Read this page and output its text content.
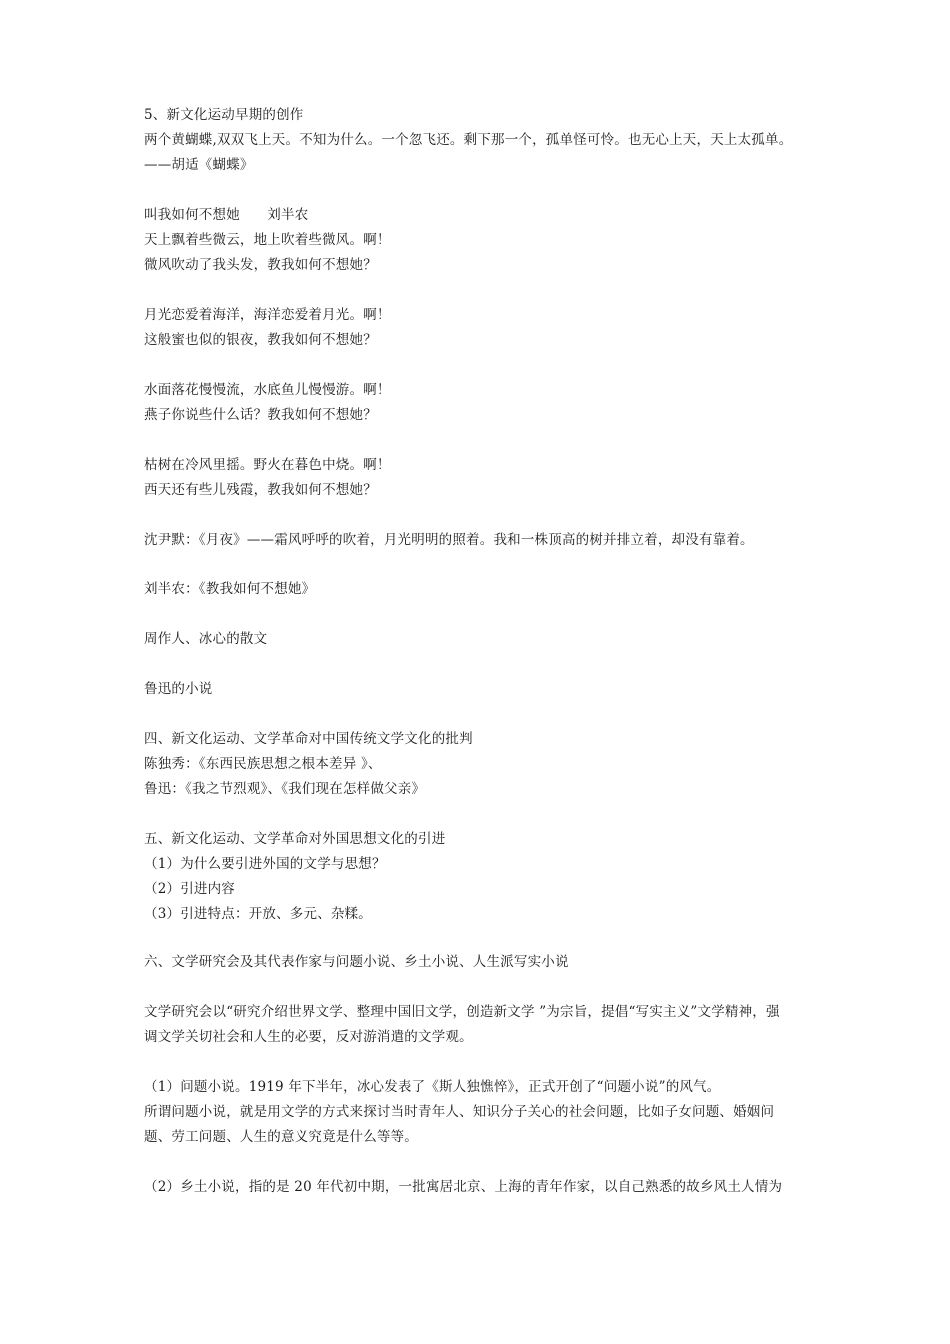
5、新文化运动早期的创作
两个黄蝴蝶,双双飞上天。不知为什么。一个忽飞还。剩下那一个，孤单怪可怜。也无心上天，天上太孤单。
——胡适《蝴蝶》
叫我如何不想她　　刘半农
天上飘着些微云，地上吹着些微风。啊！
微风吹动了我头发，教我如何不想她？
月光恋爱着海洋，海洋恋爱着月光。啊！
这般蜜也似的银夜，教我如何不想她？
水面落花慢慢流，水底鱼儿慢慢游。啊！
燕子你说些什么话？教我如何不想她？
枯树在冷风里摇。野火在暮色中烧。啊！
西天还有些儿残霞，教我如何不想她？
沈尹默：《月夜》——霜风呼呼的吹着，月光明明的照着。我和一株顶高的树并排立着，却没有靠着。
刘半农：《教我如何不想她》
周作人、冰心的散文
鲁迅的小说
四、新文化运动、文学革命对中国传统文学文化的批判
陈独秀：《东西民族思想之根本差异 》、
鲁迅：《我之节烈观》、《我们现在怎样做父亲》
五、新文化运动、文学革命对外国思想文化的引进
（1）为什么要引进外国的文学与思想？
（2）引进内容
（3）引进特点：开放、多元、杂糅。
六、文学研究会及其代表作家与问题小说、乡土小说、人生派写实小说
文学研究会以“研究介绍世界文学、整理中国旧文学，创造新文学 ”为宗旨，提倡“写实主义”文学精神，强
调文学关切社会和人生的必要，反对游消遣的文学观。
（1）问题小说。1919 年下半年，冰心发表了《斯人独憔悴》，正式开创了“问题小说”的风气。
所谓问题小说，就是用文学的方式来探讨当时青年人、知识分子关心的社会问题，比如子女问题、婚姻问
题、劳工问题、人生的意义究竟是什么等等。
（2）乡土小说，指的是 20 年代初中期，一批寓居北京、上海的青年作家，以自己熟悉的故乡风土人情为
